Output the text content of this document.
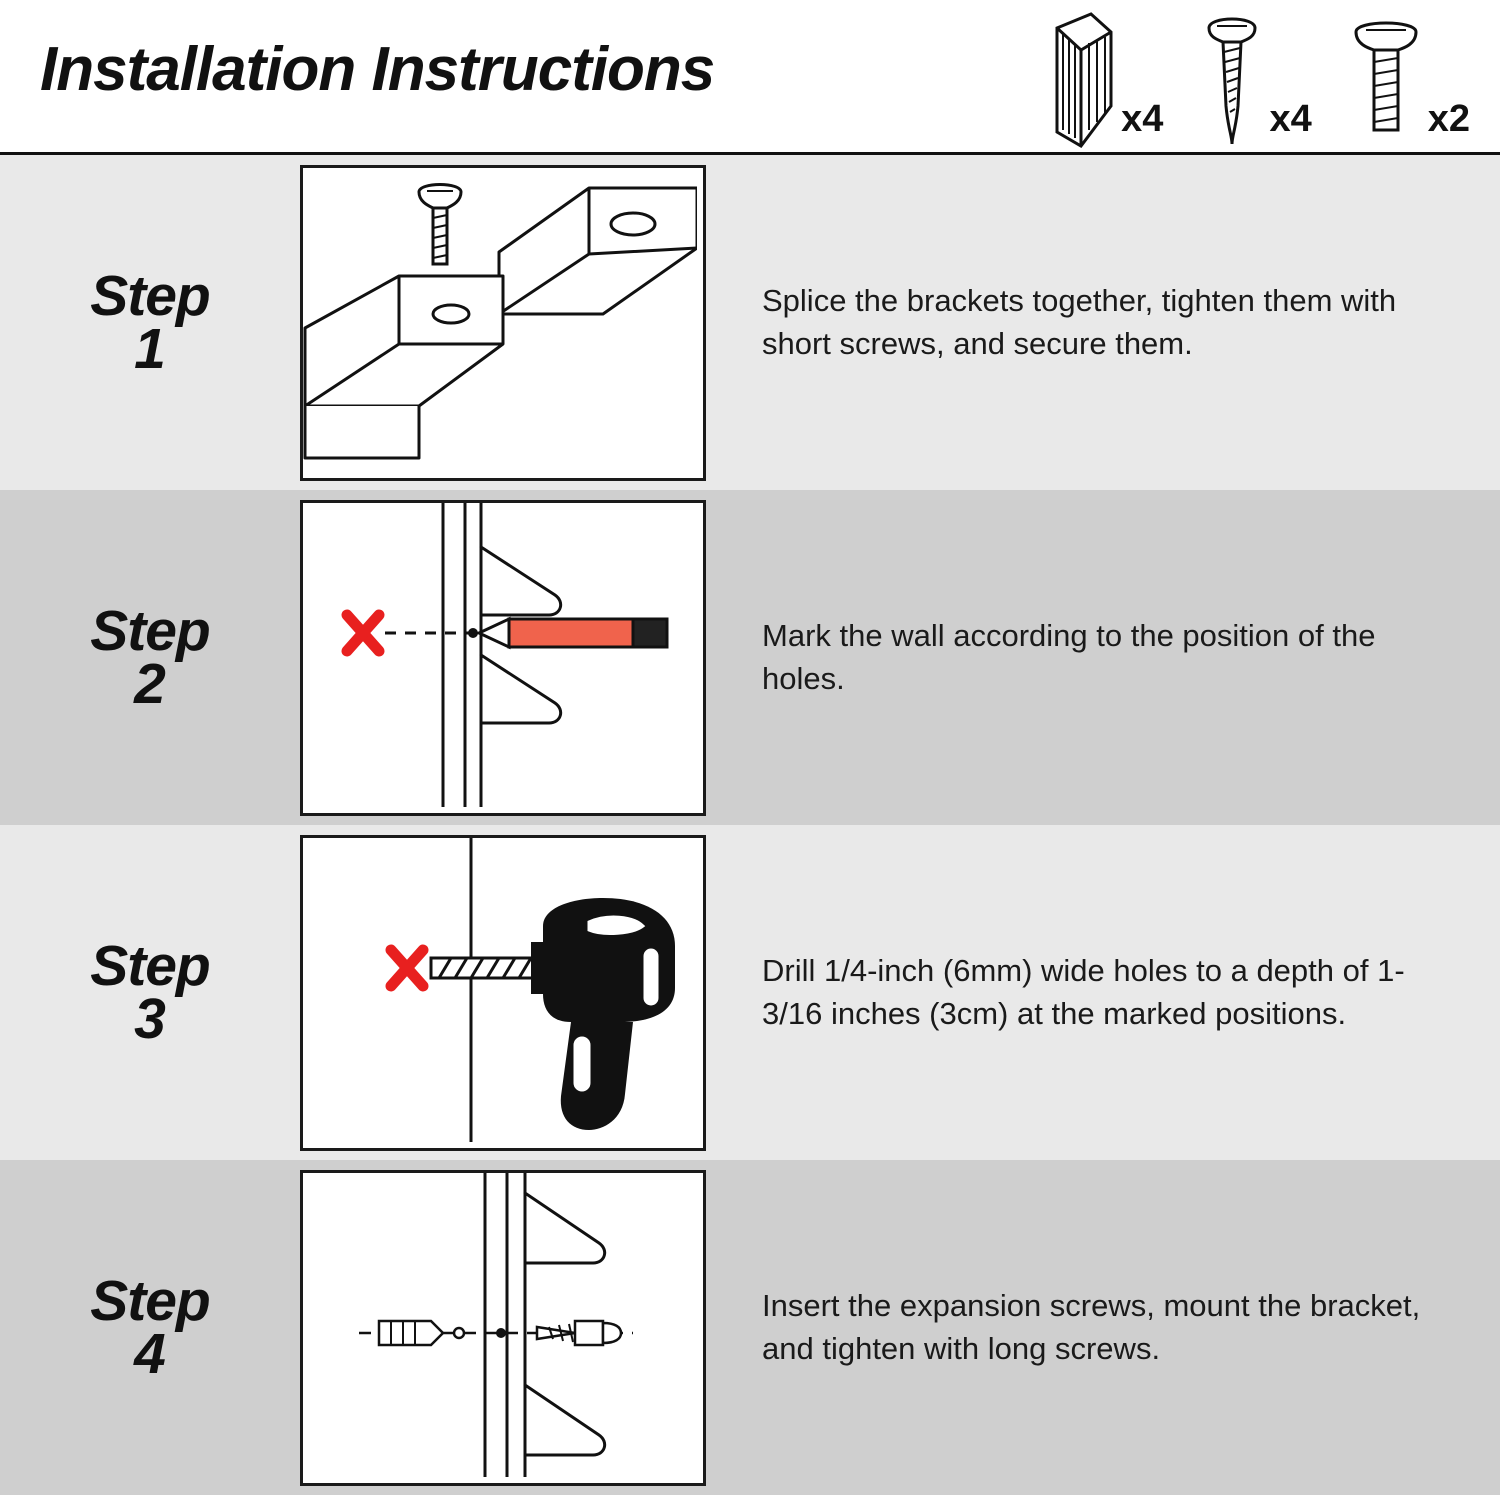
Installation Instructions
x4	x4	x2
Step
1

Splice the brackets together, tighten them with short screws, and secure them.

Step
2

Mark the wall according to the position of the holes.

Step
3

Drill 1/4-inch (6mm) wide holes to a depth of 1-3/16 inches (3cm) at the marked positions.

Step
4

Insert the expansion screws, mount the bracket, and tighten with long screws.
